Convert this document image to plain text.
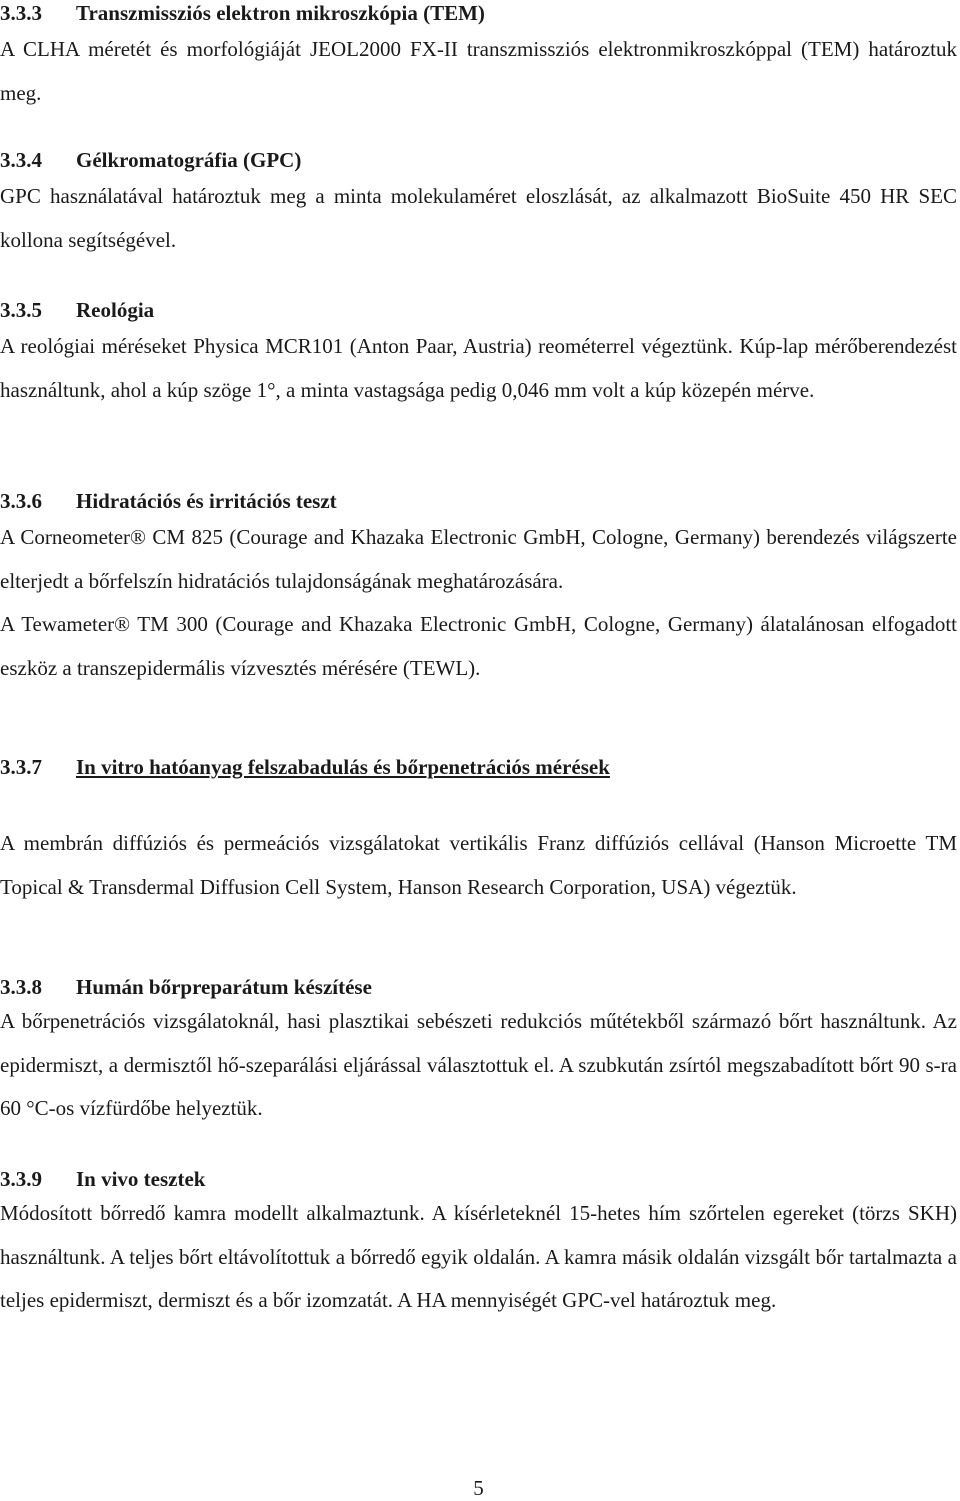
3.3.3 Transzmissziós elektron mikroszkópia (TEM)
A CLHA méretét és morfológiáját JEOL2000 FX-II transzmissziós elektronmikroszkóppal (TEM) határoztuk meg.
3.3.4 Gélkromatográfia (GPC)
GPC használatával határoztuk meg a minta molekulaméret eloszlását, az alkalmazott BioSuite 450 HR SEC kollona segítségével.
3.3.5 Reológia
A reológiai méréseket Physica MCR101 (Anton Paar, Austria) reométerrel végeztünk. Kúp-lap mérőberendezést használtunk, ahol a kúp szöge 1°, a minta vastagsága pedig 0,046 mm volt a kúp közepén mérve.
3.3.6 Hidratációs és irritációs teszt
A Corneometer® CM 825 (Courage and Khazaka Electronic GmbH, Cologne, Germany) berendezés világszerte elterjedt a bőrfelszín hidratációs tulajdonságának meghatározására.
A Tewameter® TM 300 (Courage and Khazaka Electronic GmbH, Cologne, Germany) álatalánosan elfogadott eszköz a transzepidermális vízvesztés mérésére (TEWL).
3.3.7 In vitro hatóanyag felszabadulás és bőrpenetrációs mérések
A membrán diffúziós és permeációs vizsgálatokat vertikális Franz diffúziós cellával (Hanson Microette TM Topical & Transdermal Diffusion Cell System, Hanson Research Corporation, USA) végeztük.
3.3.8 Humán bőrpreparátum készítése
A bőrpenetrációs vizsgálatoknál, hasi plasztikai sebészeti redukciós műtétekből származó bőrt használtunk. Az epidermiszt, a dermisztől hő-szeparálási eljárással választottuk el. A szubkután zsírtól megszabadított bőrt 90 s-ra 60 °C-os vízfürdőbe helyeztük.
3.3.9 In vivo tesztek
Módosított bőrredő kamra modellt alkalmaztunk. A kísérleteknél 15-hetes hím szőrtelen egereket (törzs SKH) használtunk. A teljes bőrt eltávolítottuk a bőrredő egyik oldalán. A kamra másik oldalán vizsgált bőr tartalmazta a teljes epidermiszt, dermiszt és a bőr izomzatát. A HA mennyiségét GPC-vel határoztuk meg.
5
